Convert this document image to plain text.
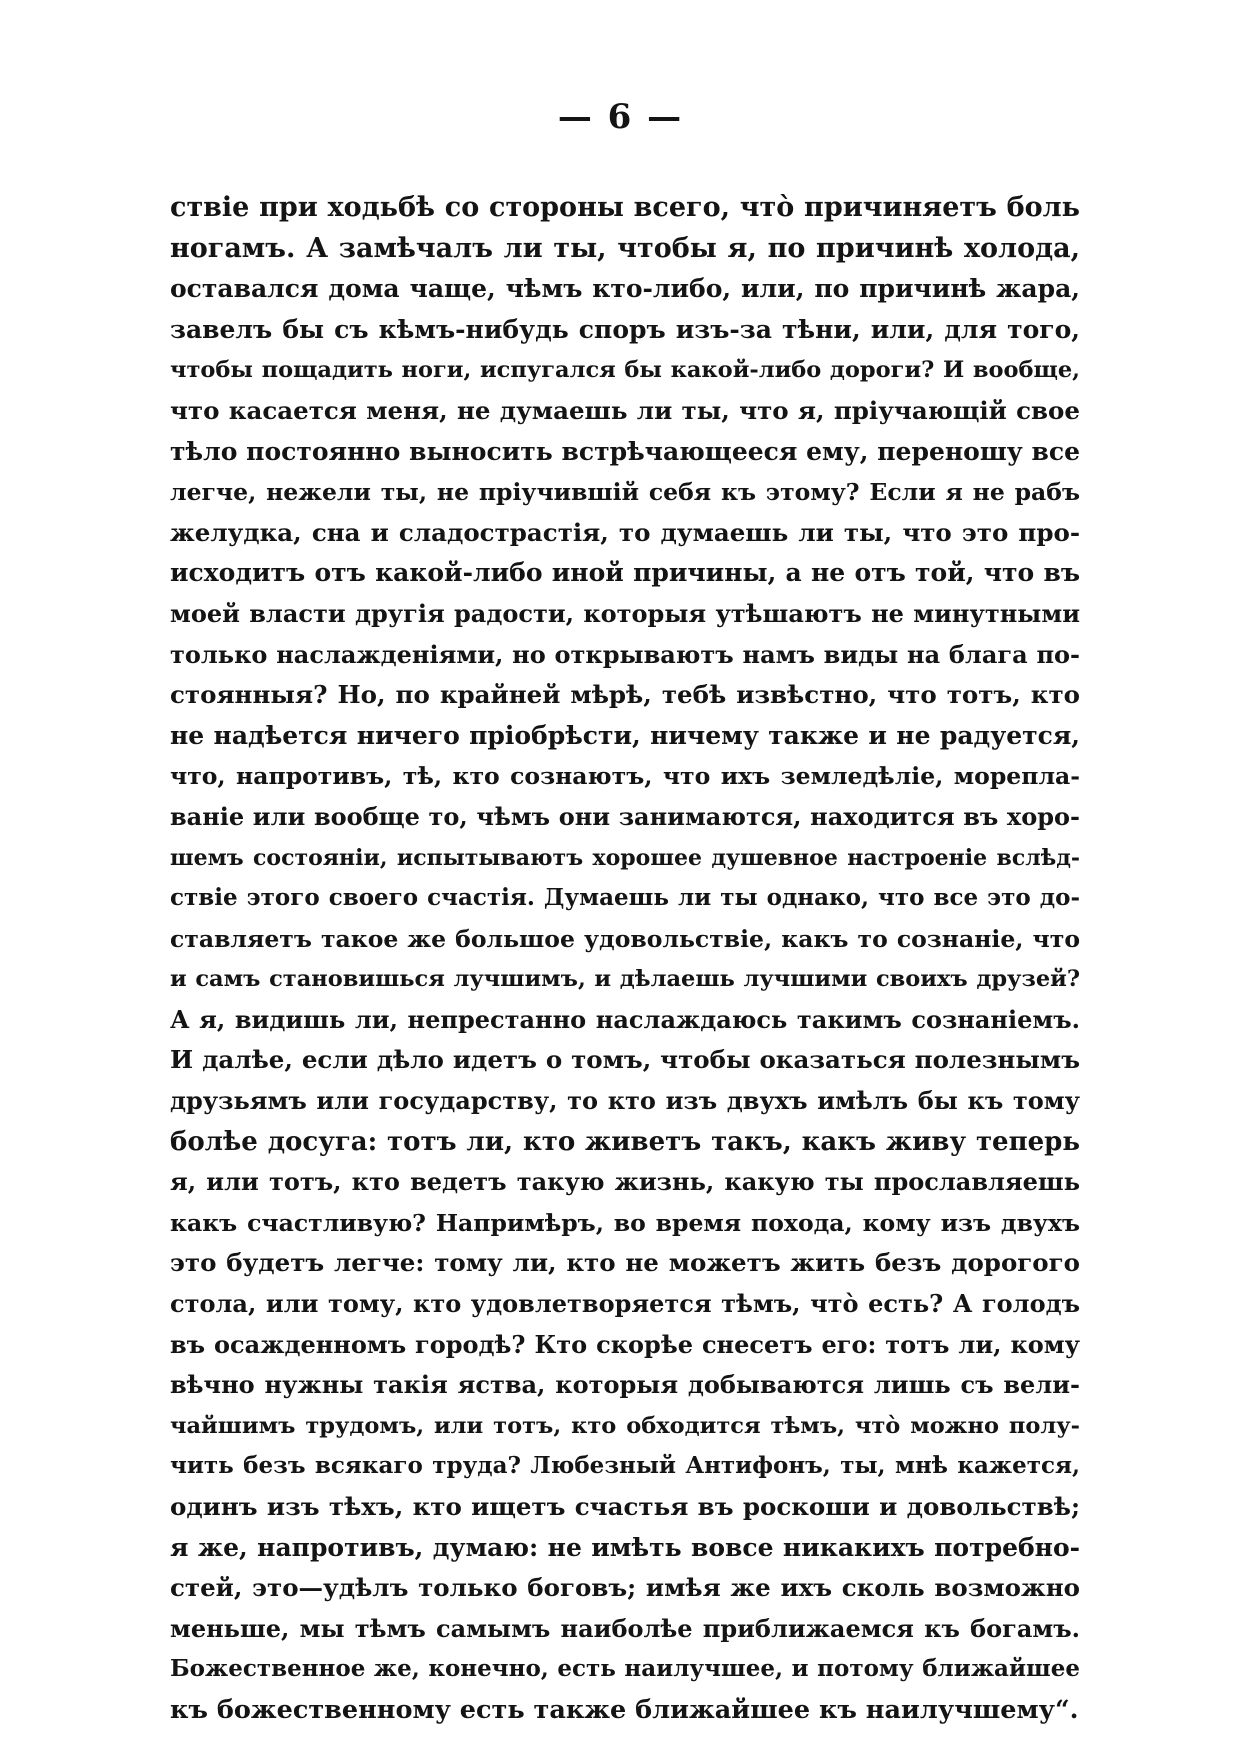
— 6 —
ствіе при ходьбѣ со стороны всего, что̀ причиняетъ боль
ногамъ. А замѣчалъ ли ты, чтобы я, по причинѣ холода,
оставался дома чаще, чѣмъ кто-либо, или, по причинѣ жара,
завелъ бы съ кѣмъ-нибудь споръ изъ-за тѣни, или, для того,
чтобы пощадить ноги, испугался бы какой-либо дороги? И вообще,
что касается меня, не думаешь ли ты, что я, пріучающій свое
тѣло постоянно выносить встрѣчающееся ему, переношу все
легче, нежели ты, не пріучившій себя къ этому? Если я не рабъ
желудка, сна и сладострастія, то думаешь ли ты, что это про-
исходитъ отъ какой-либо иной причины, а не отъ той, что въ
моей власти другія радости, которыя утѣшаютъ не минутными
только наслажденіями, но открываютъ намъ виды на блага по-
стоянныя? Но, по крайней мѣрѣ, тебѣ извѣстно, что тотъ, кто
не надѣется ничего пріобрѣсти, ничему также и не радуется,
что, напротивъ, тѣ, кто сознаютъ, что ихъ земледѣліе, морепла-
ваніе или вообще то, чѣмъ они занимаются, находится въ хоро-
шемъ состояніи, испытываютъ хорошее душевное настроеніе вслѣд-
ствіе этого своего счастія. Думаешь ли ты однако, что все это до-
ставляетъ такое же большое удовольствіе, какъ то сознаніе, что
и самъ становишься лучшимъ, и дѣлаешь лучшими своихъ друзей?
А я, видишь ли, непрестанно наслаждаюсь такимъ сознаніемъ.
И далѣе, если дѣло идетъ о томъ, чтобы оказаться полезнымъ
друзьямъ или государству, то кто изъ двухъ имѣлъ бы къ тому
болѣе досуга: тотъ ли, кто живетъ такъ, какъ живу теперь
я, или тотъ, кто ведетъ такую жизнь, какую ты прославляешь
какъ счастливую? Напримѣръ, во время похода, кому изъ двухъ
это будетъ легче: тому ли, кто не можетъ жить безъ дорогого
стола, или тому, кто удовлетворяется тѣмъ, что̀ есть? А голодъ
въ осажденномъ городѣ? Кто скорѣе снесетъ его: тотъ ли, кому
вѣчно нужны такія яства, которыя добываются лишь съ вели-
чайшимъ трудомъ, или тотъ, кто обходится тѣмъ, что̀ можно полу-
чить безъ всякаго труда? Любезный Антифонъ, ты, мнѣ кажется,
одинъ изъ тѣхъ, кто ищетъ счастья въ роскоши и довольствѣ;
я же, напротивъ, думаю: не имѣть вовсе никакихъ потребно-
стей, это—удѣлъ только боговъ; имѣя же ихъ сколь возможно
меньше, мы тѣмъ самымъ наиболѣе приближаемся къ богамъ.
Божественное же, конечно, есть наилучшее, и потому ближайшее
къ божественному есть также ближайшее къ наилучшему“.
